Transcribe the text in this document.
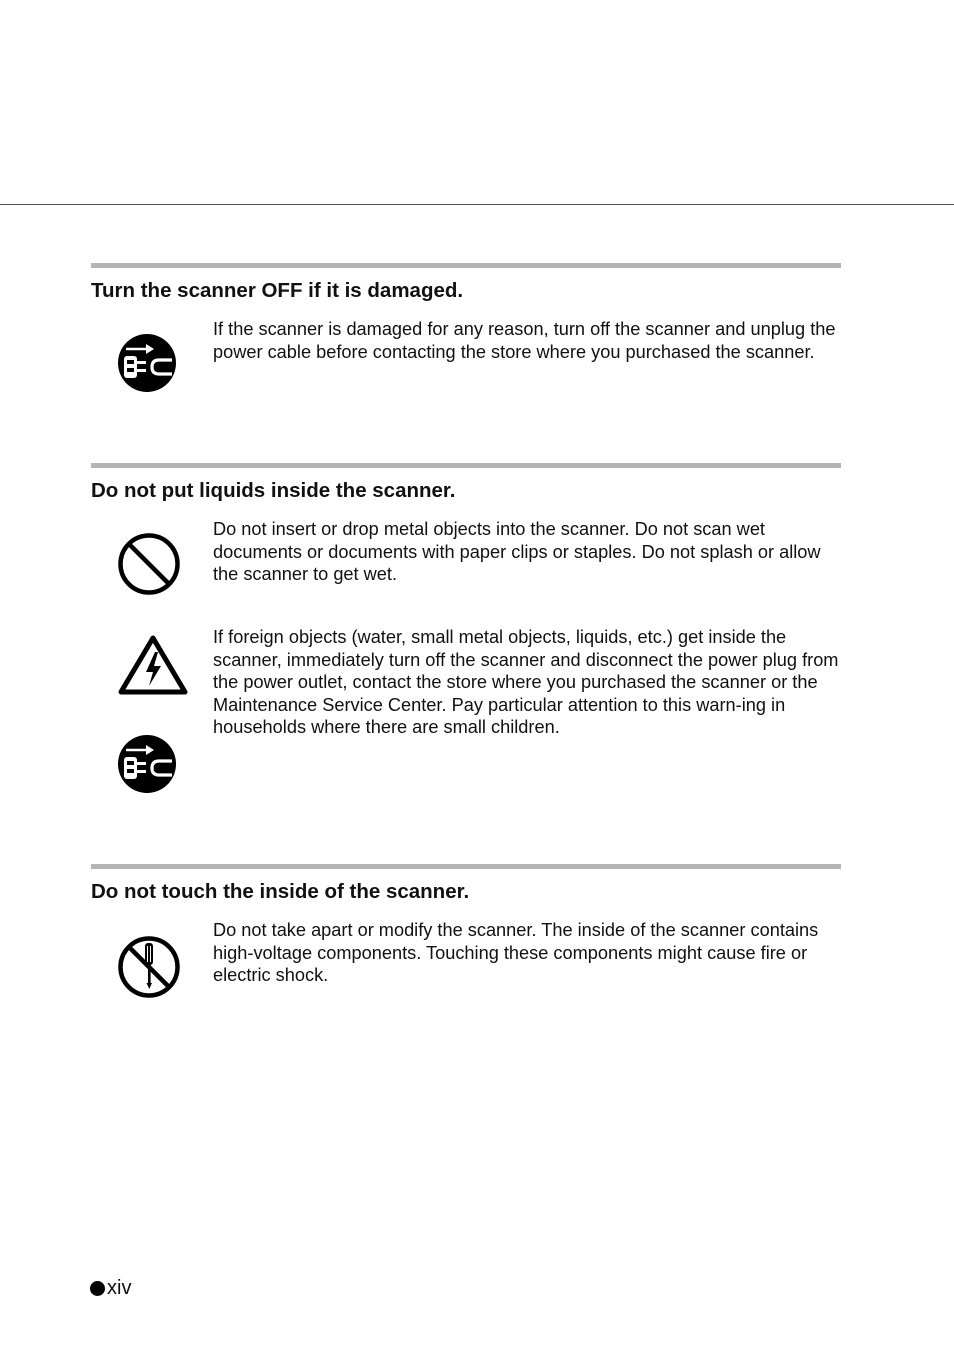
Turn the scanner OFF if it is damaged.

If the scanner is damaged for any reason, turn off the scanner and unplug the power cable before contacting the store where you purchased the scanner.

Do not put liquids inside the scanner.

Do not insert or drop metal objects into the scanner. Do not scan wet documents or documents with paper clips or staples. Do not splash or allow the scanner to get wet.

If foreign objects (water, small metal objects, liquids, etc.) get inside the scanner, immediately turn off the scanner and disconnect the power plug from the power outlet, contact the store where you purchased the scanner or the Maintenance Service Center. Pay particular attention to this warn-ing in households where there are small children.

Do not touch the inside of the scanner.

Do not take apart or modify the scanner. The inside of the scanner contains high-voltage components. Touching these components might cause fire or electric shock.

xiv
